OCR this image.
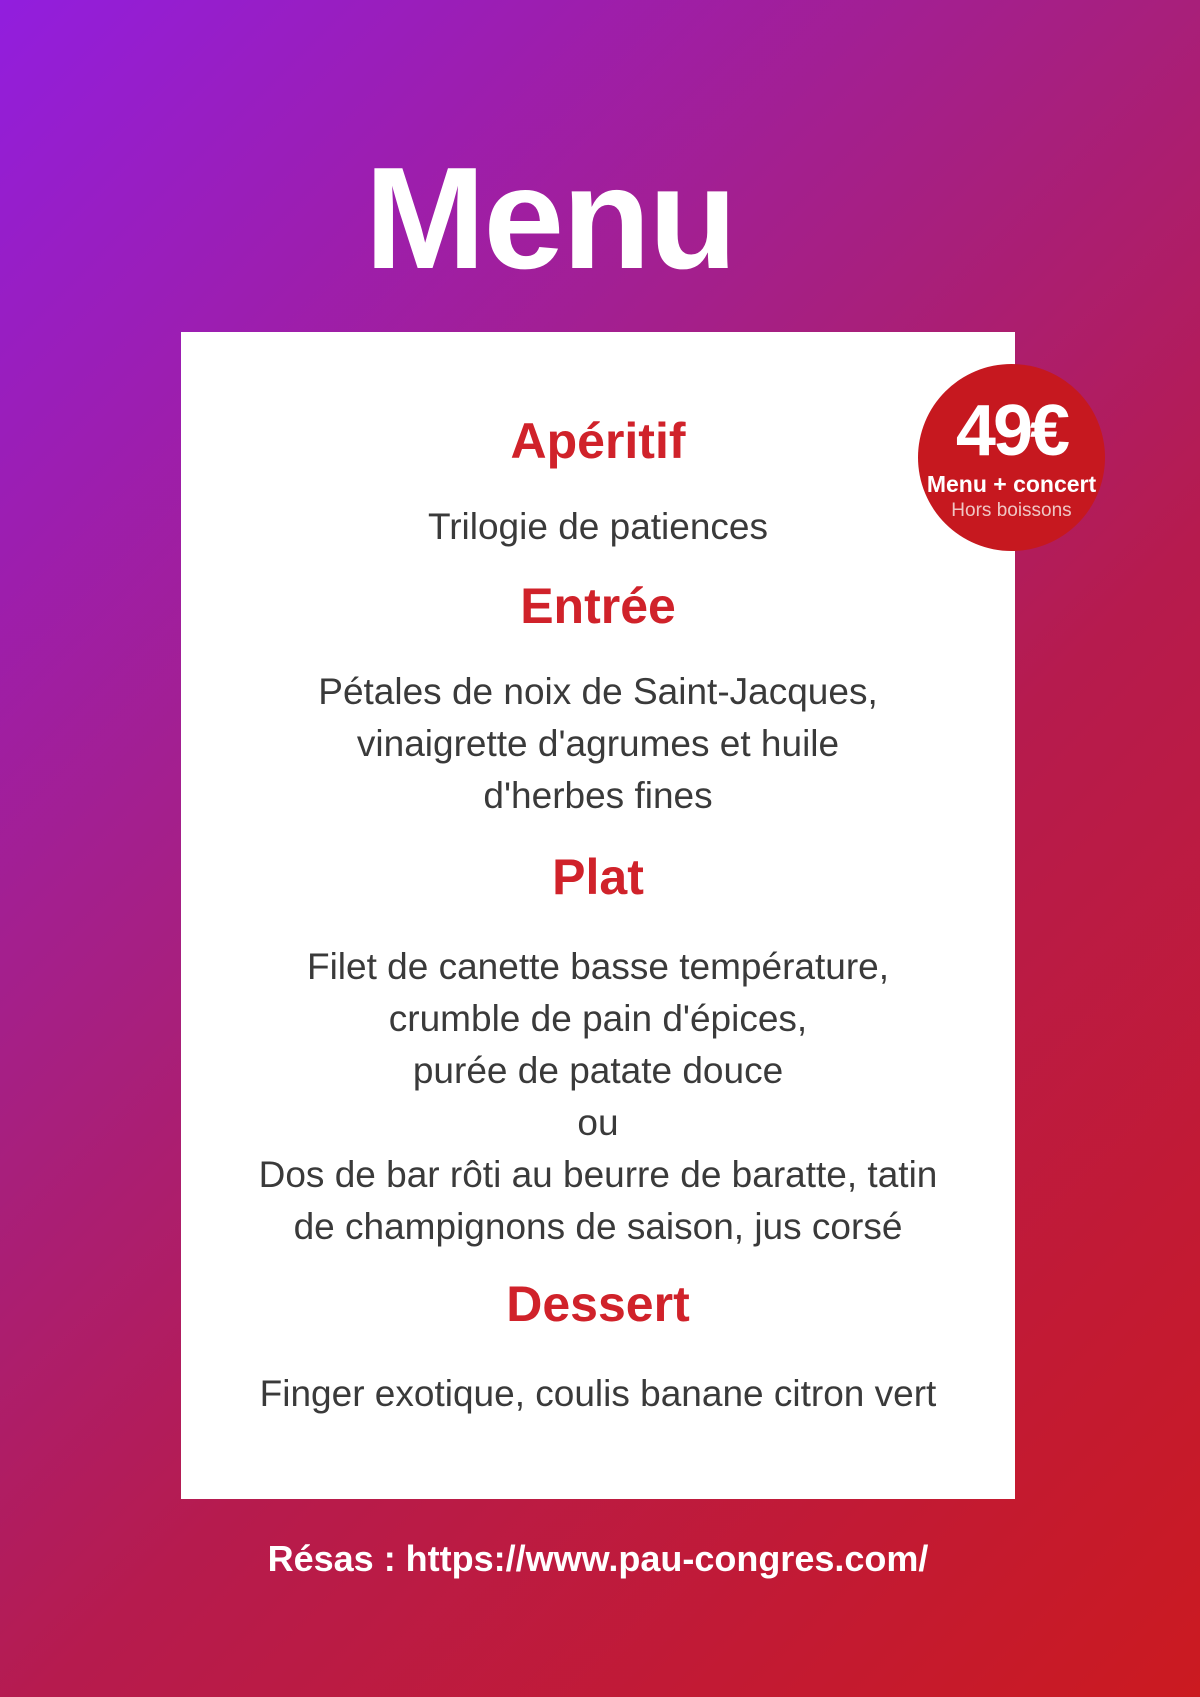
Menu
Apéritif
Trilogie de patiences
Entrée
Pétales de noix de Saint-Jacques,
vinaigrette d'agrumes et huile
d'herbes fines
Plat
Filet de canette basse température,
crumble de pain d'épices,
purée de patate douce
ou
Dos de bar rôti au beurre de baratte, tatin
de champignons de saison, jus corsé
Dessert
Finger exotique, coulis banane citron vert
49€
Menu + concert
Hors boissons
Résas : https://www.pau-congres.com/
